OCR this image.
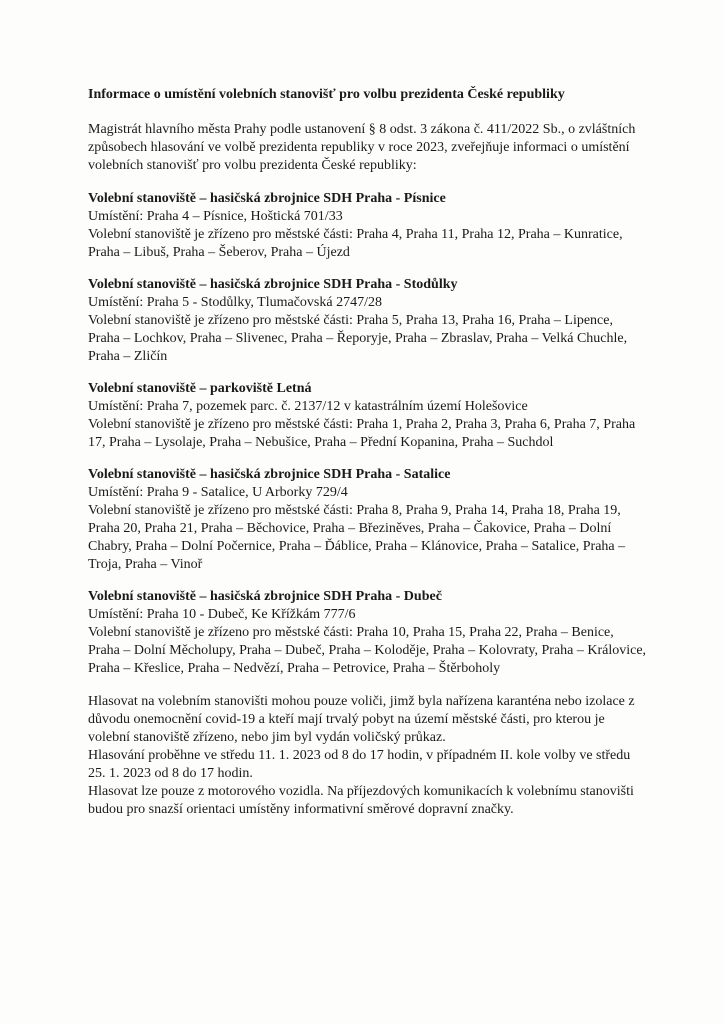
Informace o umístění volebních stanovišť pro volbu prezidenta České republiky

Magistrát hlavního města Prahy podle ustanovení § 8 odst. 3 zákona č. 411/2022 Sb., o zvláštních způsobech hlasování ve volbě prezidenta republiky v roce 2023, zveřejňuje informaci o umístění volebních stanovišť pro volbu prezidenta České republiky:

Volební stanoviště – hasičská zbrojnice SDH Praha - Písnice

Umístění: Praha 4 – Písnice, Hoštická 701/33

Volební stanoviště je zřízeno pro městské části: Praha 4, Praha 11, Praha 12, Praha – Kunratice, Praha – Libuš, Praha – Šeberov, Praha – Újezd

Volební stanoviště – hasičská zbrojnice SDH Praha - Stodůlky

Umístění: Praha 5 - Stodůlky, Tlumačovská 2747/28

Volební stanoviště je zřízeno pro městské části: Praha 5, Praha 13, Praha 16, Praha – Lipence, Praha – Lochkov, Praha – Slivenec, Praha – Řeporyje, Praha – Zbraslav, Praha – Velká Chuchle, Praha – Zličín

Volební stanoviště – parkoviště Letná

Umístění: Praha 7, pozemek parc. č. 2137/12 v katastrálním území Holešovice

Volební stanoviště je zřízeno pro městské části: Praha 1, Praha 2, Praha 3, Praha 6, Praha 7, Praha 17, Praha – Lysolaje, Praha – Nebušice, Praha – Přední Kopanina, Praha – Suchdol

Volební stanoviště – hasičská zbrojnice SDH Praha - Satalice

Umístění: Praha 9 - Satalice, U Arborky 729/4

Volební stanoviště je zřízeno pro městské části: Praha 8, Praha 9, Praha 14, Praha 18, Praha 19, Praha 20, Praha 21, Praha – Běchovice, Praha – Březiněves, Praha – Čakovice, Praha – Dolní Chabry, Praha – Dolní Počernice, Praha – Ďáblice, Praha – Klánovice, Praha – Satalice, Praha – Troja, Praha – Vinoř

Volební stanoviště – hasičská zbrojnice SDH Praha - Dubeč

Umístění: Praha 10 - Dubeč, Ke Křížkám 777/6

Volební stanoviště je zřízeno pro městské části: Praha 10, Praha 15, Praha 22, Praha – Benice, Praha – Dolní Měcholupy, Praha – Dubeč, Praha – Koloděje, Praha – Kolovraty, Praha – Královice, Praha – Křeslice, Praha – Nedvězí, Praha – Petrovice, Praha – Štěrboholy

Hlasovat na volebním stanovišti mohou pouze voliči, jimž byla nařízena karanténa nebo izolace z důvodu onemocnění covid-19 a kteří mají trvalý pobyt na území městské části, pro kterou je volební stanoviště zřízeno, nebo jim byl vydán voličský průkaz.

Hlasování proběhne ve středu 11. 1. 2023 od 8 do 17 hodin, v případném II. kole volby ve středu 25. 1. 2023 od 8 do 17 hodin.

Hlasovat lze pouze z motorového vozidla. Na příjezdových komunikacích k volebnímu stanovišti budou pro snazší orientaci umístěny informativní směrové dopravní značky.
